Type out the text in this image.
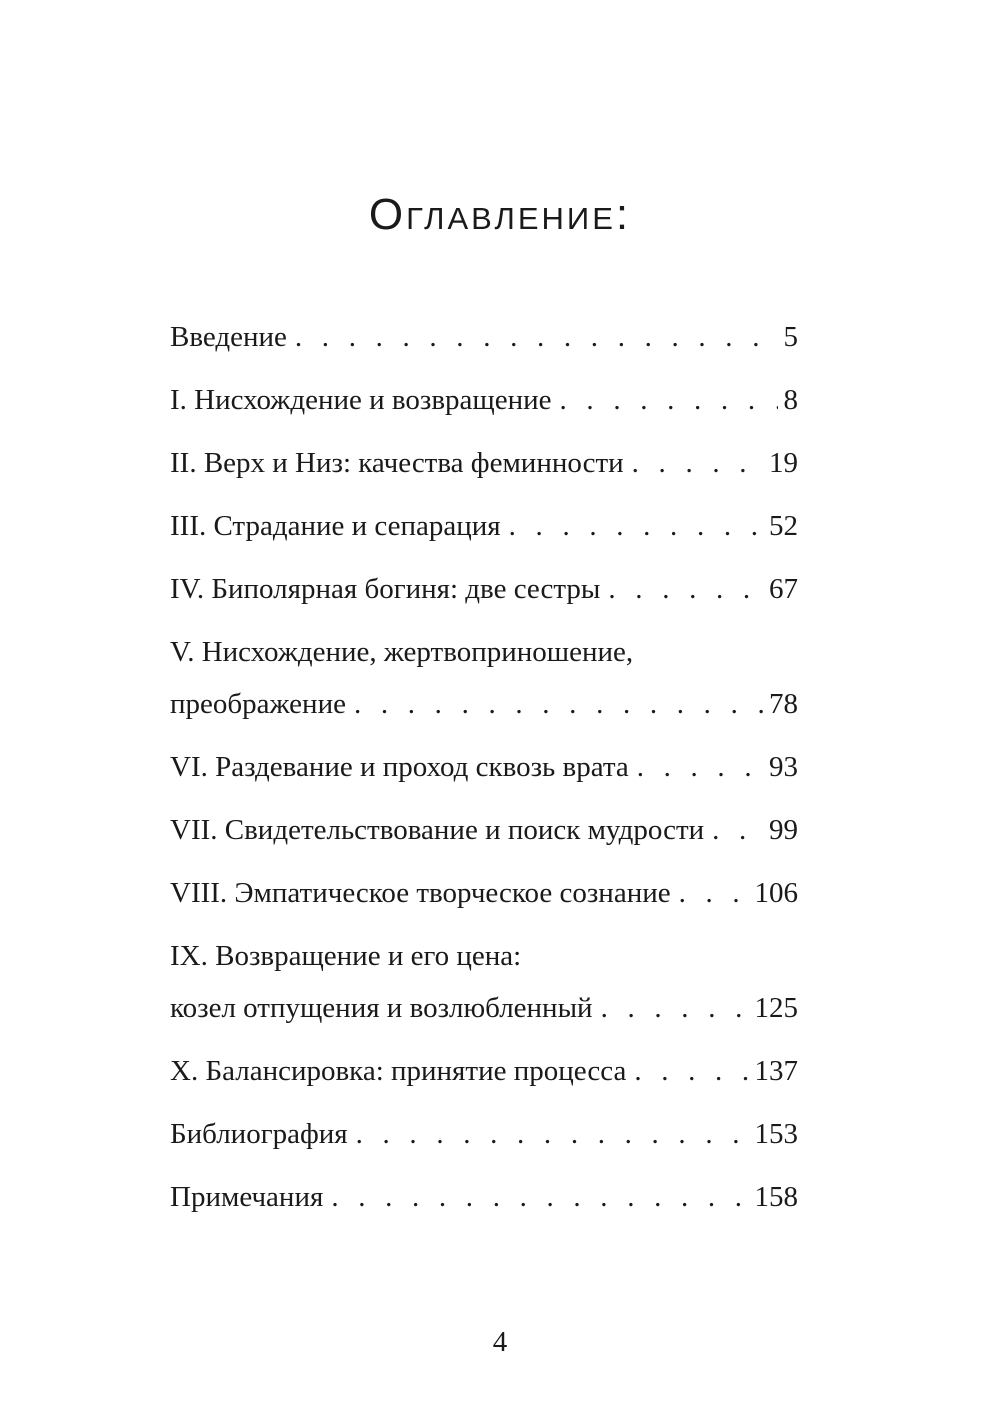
Оглавление:
Введение . . .	5
I. Нисхождение и возвращение . . .	8
II. Верх и Низ: качества феминности . . .	19
III. Страдание и сепарация . . .	52
IV. Биполярная богиня: две сестры . . .	67
V. Нисхождение, жертвоприношение,
преображение . . .	78
VI. Раздевание и проход сквозь врата . . .	93
VII. Свидетельствование и поиск мудрости . . . 99
VIII. Эмпатическое творческое сознание . . .	106
IX. Возвращение и его цена:
козел отпущения и возлюбленный . . .	125
X. Балансировка: принятие процесса . . .	137
Библиография . . .	153
Примечания . . .	158
4
